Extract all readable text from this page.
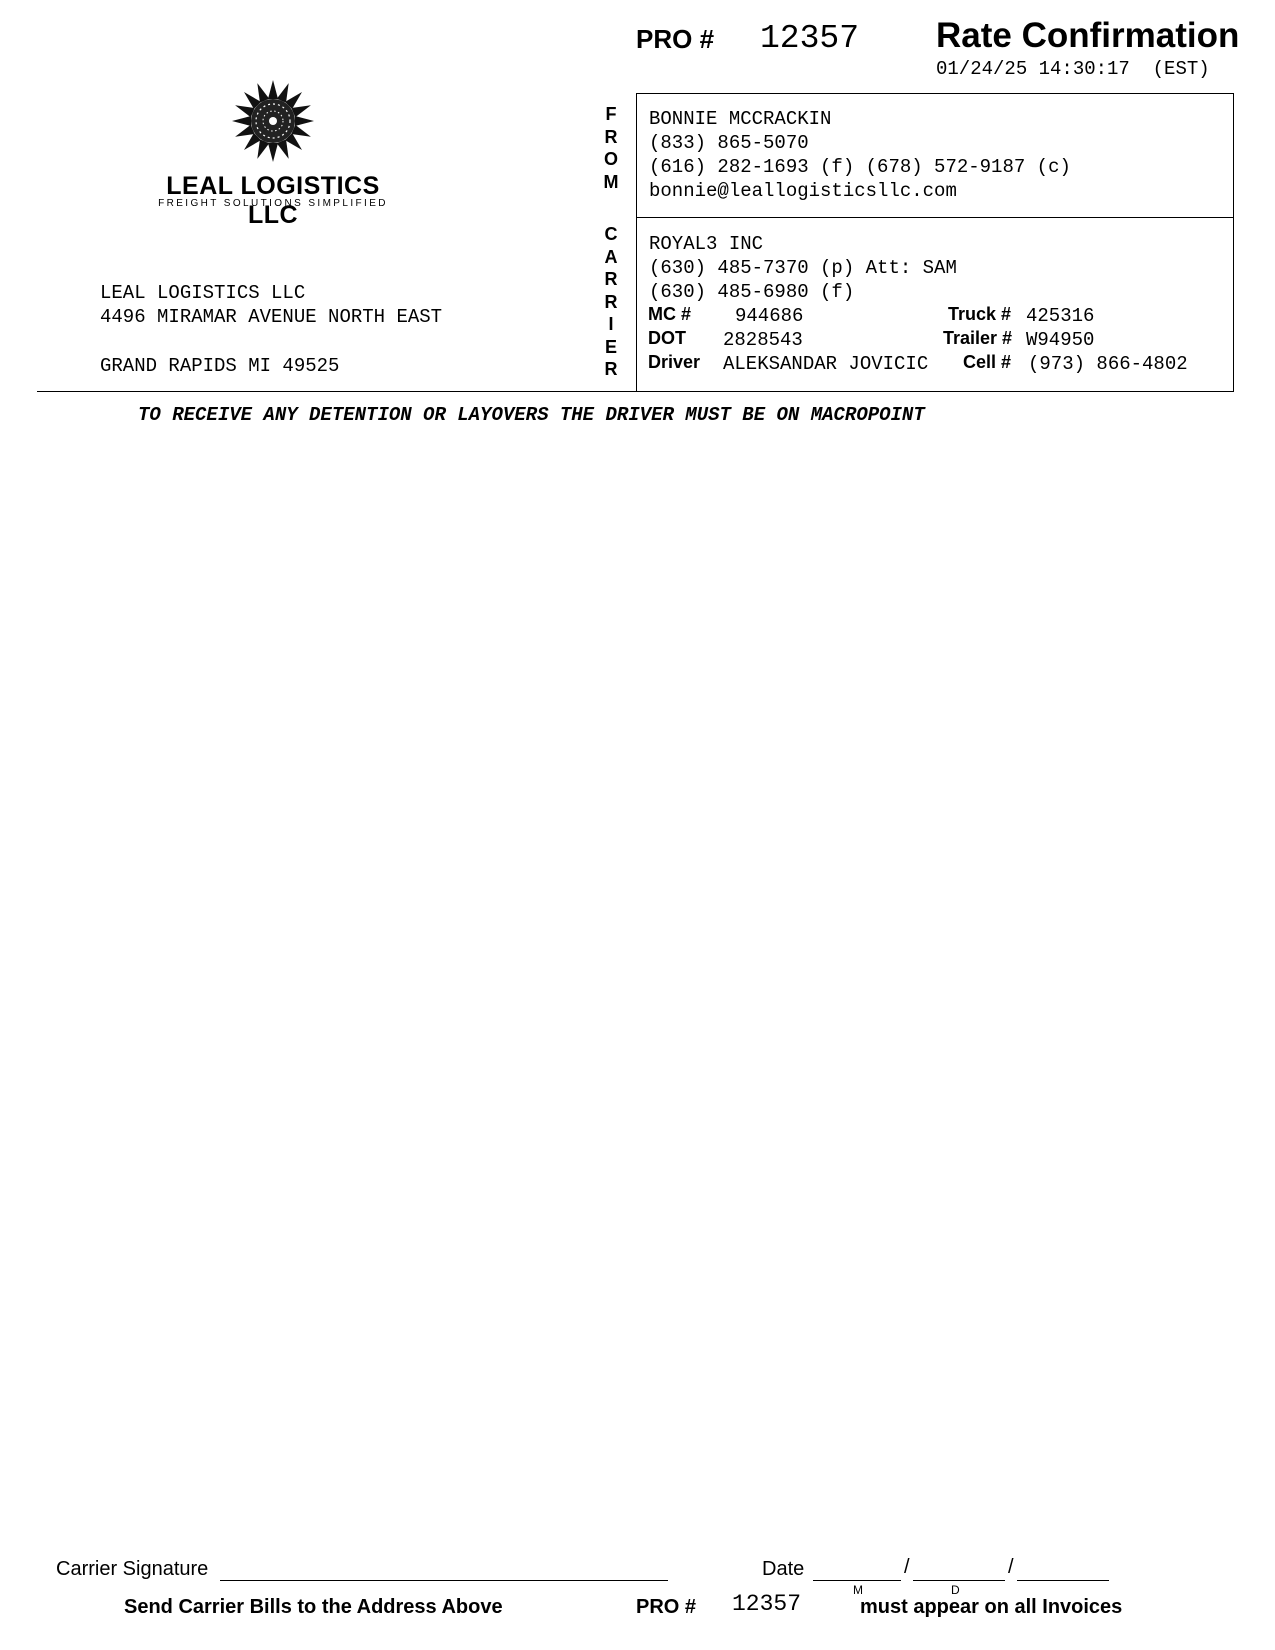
PRO # 12357 Rate Confirmation
01/24/25 14:30:17  (EST)
LEAL LOGISTICS LLC
FREIGHT SOLUTIONS SIMPLIFIED
LEAL LOGISTICS LLC
4496 MIRAMAR AVENUE NORTH EAST
GRAND RAPIDS MI 49525
F
R
O
M
C
A
R
R
I
E
R
BONNIE MCCRACKIN
(833) 865-5070
(616) 282-1693 (f) (678) 572-9187 (c)
bonnie@leallogisticsllc.com
ROYAL3 INC
(630) 485-7370 (p) Att: SAM
(630) 485-6980 (f)
MC # 944686	Truck # 425316
DOT 2828543	Trailer # W94950
Driver ALEKSANDAR JOVICIC Cell # (973) 866-4802
TO RECEIVE ANY DETENTION OR LAYOVERS THE DRIVER MUST BE ON MACROPOINT
Carrier Signature	Date	/	/
M	D
Send Carrier Bills to the Address Above	PRO # 12357	must appear on all Invoices
